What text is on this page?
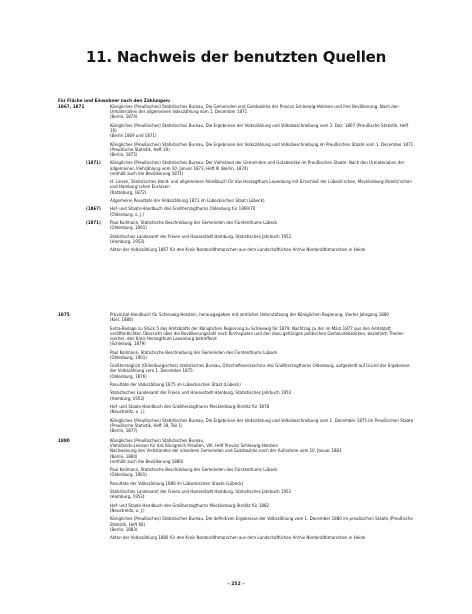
11. Nachweis der benutzten Quellen
Für Fläche und Einwohner nach den Zählungen:
1867, 1871	Königliches (Preußisches) Statistisches Bureau, Die Gemeinden und Gutsbezirke der Provinz Schleswig-Holstein und ihre Bevölkerung. Nach den Urmaterialien der allgemeinen Volkszählung vom 1. December 1871
(Berlin, 1874)
Königliches (Preußisches) Statistisches Bureau, Die Ergebnisse der Volkszählung und Volksbeschreibung vom 3. Dez. 1867 (Preußische Statistik, Heft 16)
(Berlin 1869 und 1871)
Königliches (Preußisches) Statistisches Bureau, Die Ergebnisse der Volkszählung und Volksbeschreibung im Preußischen Staate vom 1. December 1871 (Preußische Statistik, Heft 30)
(Berlin, 1875)
(1871)	Königliches (Preußisches) Statistisches Bureau, Der Viehstand der Gemeinden und Gutsbezirke im Preußischen Staate. Nach den Urmaterialien der allgemeinen Viehzählung vom 10. Januar 1873, Heft III (Berlin, 1874)
(enthält auch die Bevölkerung 1871)
H. Linsen, Statistisches Hand- und allgemeines Adreßbuch für das Herzogthum Lauenburg mit Einschluß der Lübeck'schen, Mecklenburg-Strelitz'schen und Hamburg'schen Enclaven
(Ratzeburg, 1872)
Allgemeine Resultate der Volkszählung 1871 im Lübeckischen Staat (Lübeck)
(1867)	Hof- und Staats-Handbuch des Großherzogthums Oldenburg für 1869/70
(Oldenburg, o. J.)
(1871)	Paul Kollmann, Statistische Beschreibung der Gemeinden des Fürstenthums Lübeck
(Oldenburg, 1901)
Statistisches Landesamt der Freien und Hansestadt Hamburg, Statistisches Jahrbuch 1952
(Hamburg, 1953)
Akten der Volkszählung 1867 für den Kreis Norderdithmarschen aus dem Landschaftlichen Archiv Norderdithmarschen in Heide
1875	Provinzial-Handbuch für Schleswig-Holstein, herausgegeben mit amtlicher Unterstützung der Königlichen Regierung, Vierter Jahrgang 1880
(Kiel, 1880)
Extra-Beilage zu Stück 5 des Amtsblatts der Königlichen Regierung zu Schleswig für 1879: Nachtrag zu der im März 1877 aus den Amtsblatt veröffentlichten Übersicht über die Bevölkerungszahl nach Kirchspielen und den dazu gehörigen politischen Gemeindebezirken, beziehlich Theilen solcher, den Kreis Herzogthum Lauenburg betreffend
(Schleswig, 1879)
Paul Kollmann, Statistische Beschreibung der Gemeinden des Fürstenthums Lübeck
(Oldenburg, 1901)
Großherzoglich (Oldenburgisches) statistisches Bureau, Ortschaftsverzeichnis des Großherzogthums Oldenburg, aufgestellt auf Grund der Ergebnisse der Volkszählung vom 1. December 1875
(Oldenburg, 1876)
Resultate der Volkszählung 1875 im Lübeckischen Staat (Lübeck)
Statistisches Landesamt der Freien und Hansestadt Hamburg, Statistisches Jahrbuch 1952
(Hamburg, 1953)
Hof- und Staats-Handbuch des Großherzogthums Mecklenburg-Strelitz für 1878
(Neustrelitz, o. J.)
Königliches (Preußisches) Statistisches Bureau, Die Ergebnisse der Volkszählung und Volksbeschreibung vom 1. December 1875 im Preußischen Staate (Preußische Statistik, Heft 39, Teil 1)
(Berlin, 1877)
1880	Königliches (Preußisches) Statistisches Bureau,
Viehstands-Lexikon für das Königreich Preußen, VIII. Heft Provinz Schleswig-Holstein
Nachweisung des Viehstandes der einzelnen Gemeinden und Gutsbezirke nach der Aufnahme vom 10. Januar 1883
(Berlin, 1884)
(enthält auch die Bevölkerung 1880)
Paul Kollmann, Statistische Beschreibung der Gemeinden des Fürstenthums Lübeck
(Oldenburg, 1901)
Resultate der Volkszählung 1880 im Lübeckischen Staate (Lübeck)
Statistisches Landesamt der Freien und Hansestadt Hamburg, Statistisches Jahrbuch 1952
(Hamburg, 1953)
Hof- und Staats-Handbuch des Großherzogthums Mecklenburg-Strelitz für 1882
(Neustrelitz, o. J.)
Königliches (Preußisches) Statistisches Bureau, Die definitiven Ergebnisse der Volkszählung vom 1. December 1880 im preußischen Staate (Preußische Statistik, Heft 66)
(Berlin, 1883)
Akten der Volkszählung 1880 für den Kreis Norderdithmarschen aus dem Landschaftlichen Archiv Norderdithmarschen in Heide
– 252 –
